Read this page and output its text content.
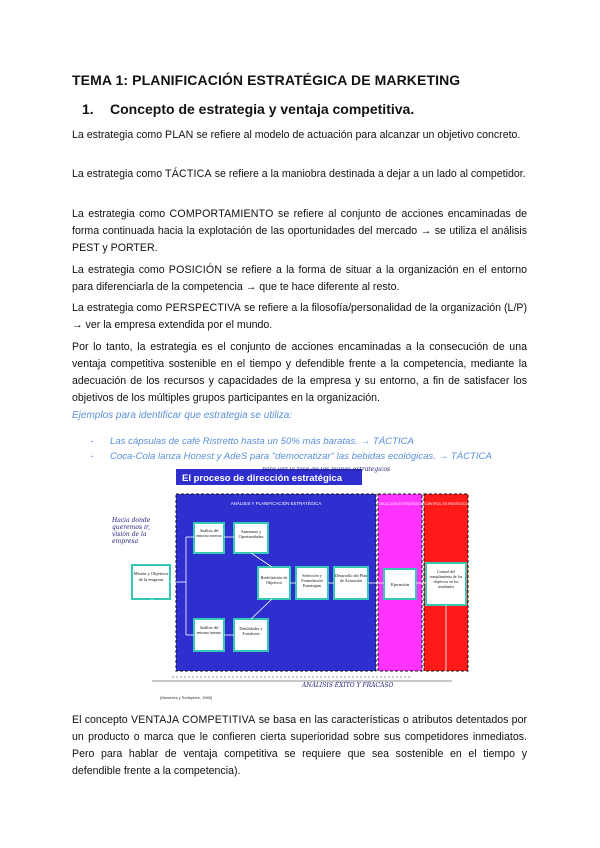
TEMA 1: PLANIFICACIÓN ESTRATÉGICA DE MARKETING
1. Concepto de estrategia y ventaja competitiva.

La estrategia como PLAN se refiere al modelo de actuación para alcanzar un objetivo concreto.

La estrategia como TÁCTICA se refiere a la maniobra destinada a dejar a un lado al competidor.

La estrategia como COMPORTAMIENTO se refiere al conjunto de acciones encaminadas de forma continuada hacia la explotación de las oportunidades del mercado → se utiliza el análisis PEST y PORTER.

La estrategia como POSICIÓN se refiere a la forma de situar a la organización en el entorno para diferenciarla de la competencia → que te hace diferente al resto.

La estrategia como PERSPECTIVA se refiere a la filosofía/personalidad de la organización (L/P) → ver la empresa extendida por el mundo.

Por lo tanto, la estrategia es el conjunto de acciones encaminadas a la consecución de una ventaja competitiva sostenible en el tiempo y defendible frente a la competencia, mediante la adecuación de los recursos y capacidades de la empresa y su entorno, a fin de satisfacer los objetivos de los múltiples grupos participantes en la organización.

Ejemplos para identificar que estrategia se utiliza:

- Las cápsulas de café Ristretto hasta un 50% más baratas. → TÁCTICA
- Coca-Cola lanza Honest y AdeS para "democratizar" las bebidas ecológicas. → TÁCTICA
El proceso de dirección estratégica
ANÁLISIS Y PLANIFICACIÓN ESTRATÉGICA	EJECUCIÓN ESTRATÉGICA CONTROL ESTRATÉGICO
Misión y Objetivos de la empresa
Análisis del entorno externo
Amenazas y Oportunidades
Análisis del entorno interno
Debilidades y Fortalezas
Redefinición de Objetivos
Selección y Formulación Estrategias
Desarrollo del Plan de Actuación
Ejecución
Control del cumplimiento de los objetivos en los resultados
(Menezes y Serbipiers, 1985)
Hacia donde queremos ir, visión de la empresa
para ver la fase de los planes estratégicos
ANÁLISIS ÉXITO Y FRACASO

El concepto VENTAJA COMPETITIVA se basa en las características o atributos detentados por un producto o marca que le confieren cierta superioridad sobre sus competidores inmediatos. Pero para hablar de ventaja competitiva se requiere que sea sostenible en el tiempo y defendible frente a la competencia).
